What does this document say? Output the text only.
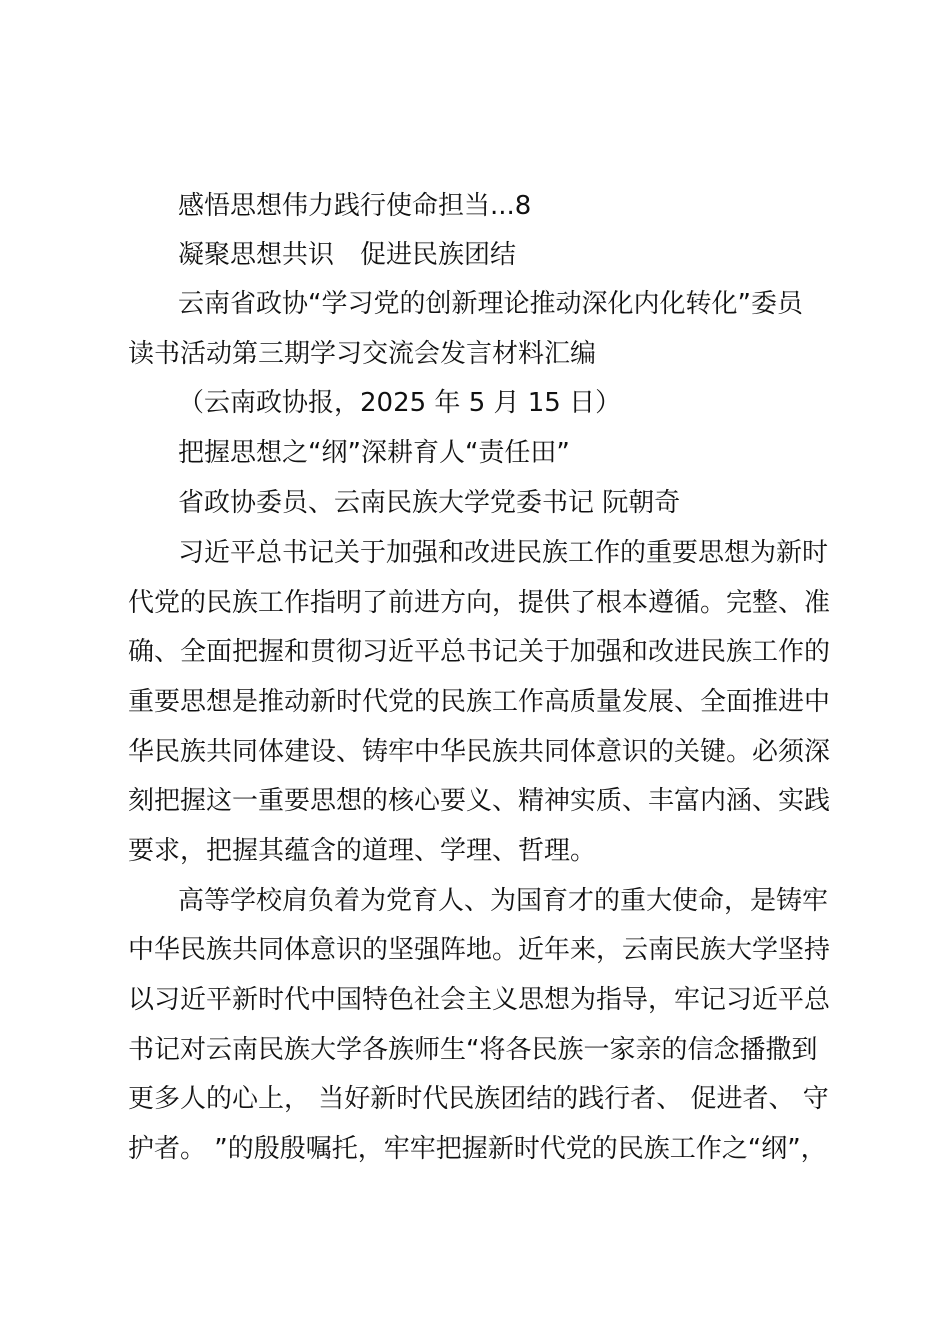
感悟思想伟力践行使命担当...8
凝聚思想共识　促进民族团结
云南省政协“学习党的创新理论推动深化内化转化”委员
读书活动第三期学习交流会发言材料汇编
（云南政协报，2025 年 5 月 15 日）
把握思想之“纲”深耕育人“责任田”
省政协委员、云南民族大学党委书记 阮朝奇
习近平总书记关于加强和改进民族工作的重要思想为新时
代党的民族工作指明了前进方向，提供了根本遵循。完整、准
确、全面把握和贯彻习近平总书记关于加强和改进民族工作的
重要思想是推动新时代党的民族工作高质量发展、全面推进中
华民族共同体建设、铸牢中华民族共同体意识的关键。必须深
刻把握这一重要思想的核心要义、精神实质、丰富内涵、实践
要求，把握其蕴含的道理、学理、哲理。
高等学校肩负着为党育人、为国育才的重大使命，是铸牢
中华民族共同体意识的坚强阵地。近年来，云南民族大学坚持
以习近平新时代中国特色社会主义思想为指导，牢记习近平总
书记对云南民族大学各族师生“将各民族一家亲的信念播撒到
更多人的心上， 当好新时代民族团结的践行者、 促进者、 守
护者。 ”的殷殷嘱托，牢牢把握新时代党的民族工作之“纲”，
